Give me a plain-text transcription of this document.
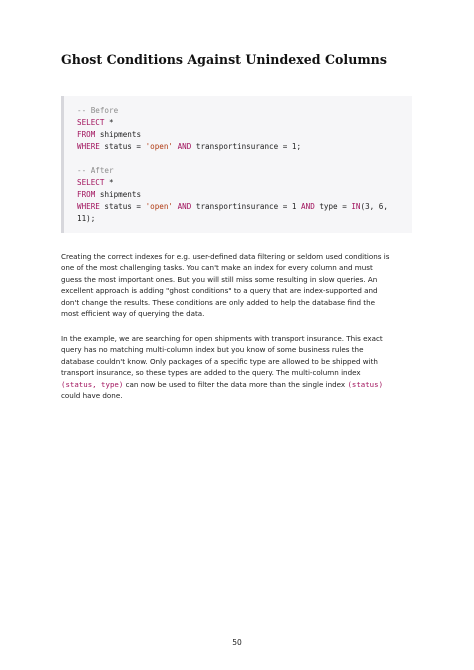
Ghost Conditions Against Unindexed Columns
-- Before
SELECT *
FROM shipments
WHERE status = 'open' AND transportinsurance = 1;
-- After
SELECT *
FROM shipments
WHERE status = 'open' AND transportinsurance = 1 AND type = IN(3, 6,
11);

Creating the correct indexes for e.g. user-defined data filtering or seldom used conditions is
one of the most challenging tasks. You can't make an index for every column and must
guess the most important ones. But you will still miss some resulting in slow queries. An
excellent approach is adding "ghost conditions" to a query that are index-supported and
don't change the results. These conditions are only added to help the database find the
most efficient way of querying the data.

In the example, we are searching for open shipments with transport insurance. This exact
query has no matching multi-column index but you know of some business rules the
database couldn't know. Only packages of a specific type are allowed to be shipped with
transport insurance, so these types are added to the query. The multi-column index
(status, type) can now be used to filter the data more than the single index (status)
could have done.

50
